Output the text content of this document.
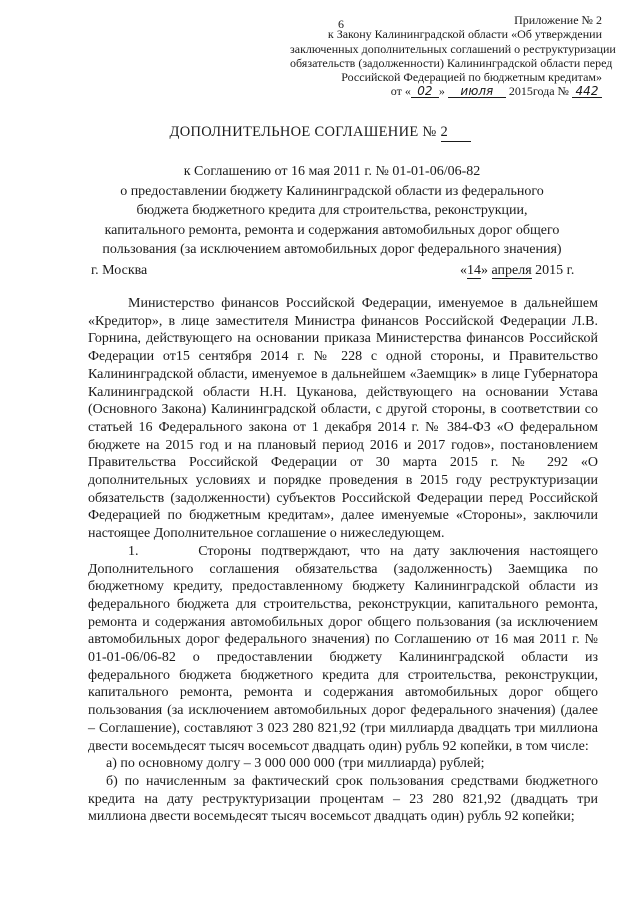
6	Приложение № 2
к Закону Калининградской области «Об утверждении
заключенных дополнительных соглашений о реструктуризации
обязательств (задолженности) Калининградской области перед
Российской Федерацией по бюджетным кредитам»
от « 02 » июля 2015года № 442
ДОПОЛНИТЕЛЬНОЕ СОГЛАШЕНИЕ № 2
к Соглашению от 16 мая 2011 г. № 01-01-06/06-82
о предоставлении бюджету Калининградской области из федерального
бюджета бюджетного кредита для строительства, реконструкции,
капитального ремонта, ремонта и содержания автомобильных дорог общего
пользования (за исключением автомобильных дорог федерального значения)
г. Москва	«14» апреля 2015 г.

Министерство финансов Российской Федерации, именуемое в дальнейшем «Кредитор», в лице заместителя Министра финансов Российской Федерации Л.В. Горнина, действующего на основании приказа Министерства финансов Российской Федерации от15 сентября 2014 г. № 228 с одной стороны, и Правительство Калининградской области, именуемое в дальнейшем «Заемщик» в лице Губернатора Калининградской области Н.Н. Цуканова, действующего на основании Устава (Основного Закона) Калининградской области, с другой стороны, в соответствии со статьей 16 Федерального закона от 1 декабря 2014 г. № 384-ФЗ «О федеральном бюджете на 2015 год и на плановый период 2016 и 2017 годов», постановлением Правительства Российской Федерации от 30 марта 2015 г. № 292 «О дополнительных условиях и порядке проведения в 2015 году реструктуризации обязательств (задолженности) субъектов Российской Федерации перед Российской Федерацией по бюджетным кредитам», далее именуемые «Стороны», заключили настоящее Дополнительное соглашение о нижеследующем.

1.      Стороны подтверждают, что на дату заключения настоящего Дополнительного соглашения обязательства (задолженность) Заемщика по бюджетному кредиту, предоставленному бюджету Калининградской области из федерального бюджета для строительства, реконструкции, капитального ремонта, ремонта и содержания автомобильных дорог общего пользования (за исключением автомобильных дорог федерального значения) по Соглашению от 16 мая 2011 г. № 01-01-06/06-82 о предоставлении бюджету Калининградской области из федерального бюджета бюджетного кредита для строительства, реконструкции, капитального ремонта, ремонта и содержания автомобильных дорог общего пользования (за исключением автомобильных дорог федерального значения) (далее – Соглашение), составляют 3 023 280 821,92 (три миллиарда двадцать три миллиона двести восемьдесят тысяч восемьсот двадцать один) рубль 92 копейки, в том числе:

а) по основному долгу – 3 000 000 000 (три миллиарда) рублей;

б) по начисленным за фактический срок пользования средствами бюджетного кредита на дату реструктуризации процентам – 23 280 821,92 (двадцать три миллиона двести восемьдесят тысяч восемьсот двадцать один) рубль 92 копейки;
